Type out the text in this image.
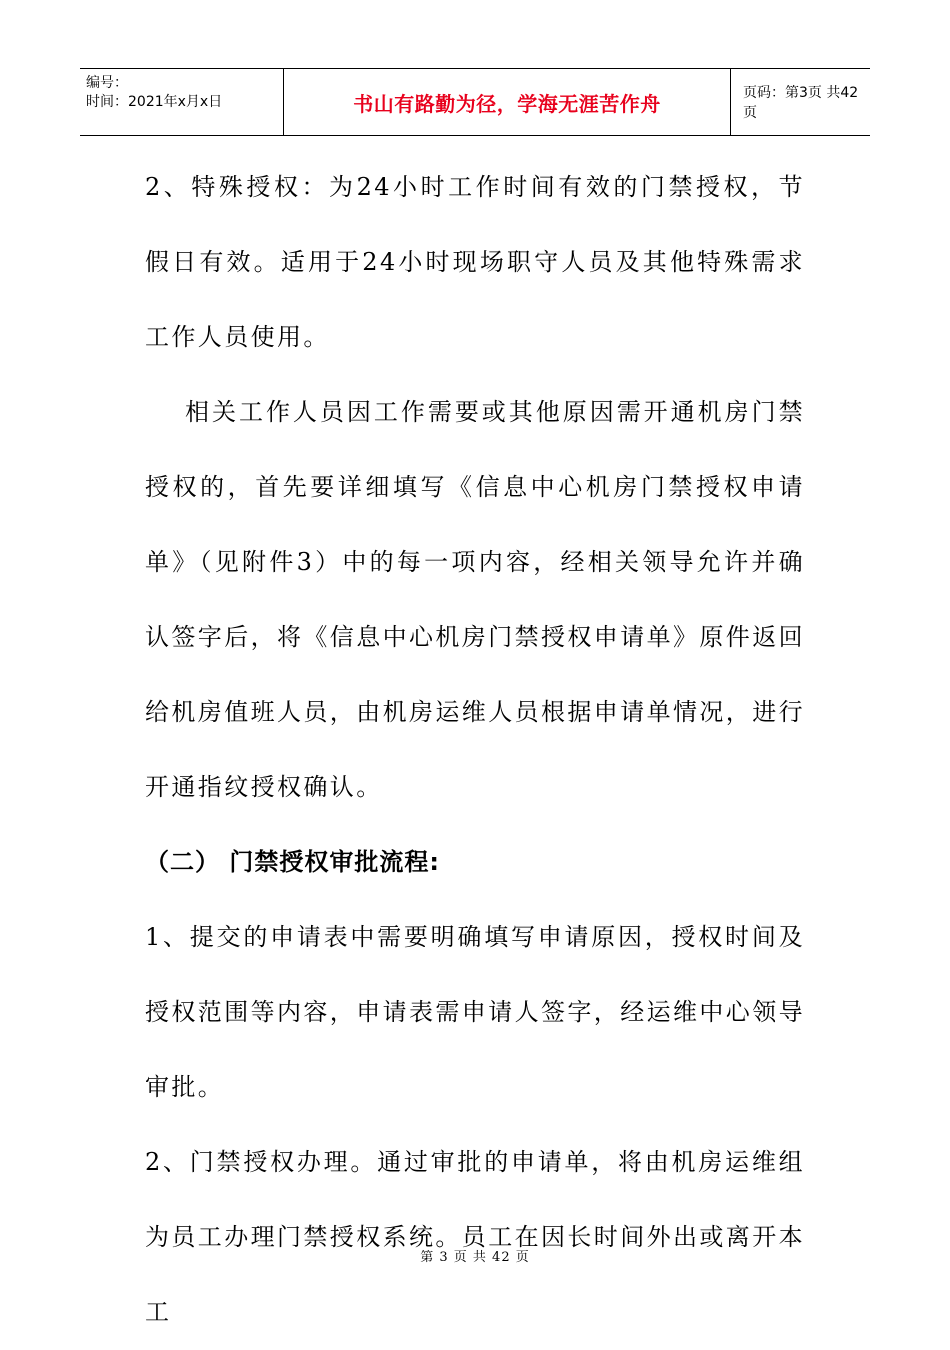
编号：
时间：2021年x月x日	书山有路勤为径，学海无涯苦作舟	页码：第3页 共42页

2、特殊授权：为24小时工作时间有效的门禁授权，节假日有效。适用于24小时现场职守人员及其他特殊需求工作人员使用。

相关工作人员因工作需要或其他原因需开通机房门禁授权的，首先要详细填写《信息中心机房门禁授权申请单》（见附件3）中的每一项内容，经相关领导允许并确认签字后，将《信息中心机房门禁授权申请单》原件返回给机房值班人员，由机房运维人员根据申请单情况，进行开通指纹授权确认。

（二） 门禁授权审批流程:

1、提交的申请表中需要明确填写申请原因，授权时间及授权范围等内容，申请表需申请人签字，经运维中心领导审批。

2、门禁授权办理。通过审批的申请单，将由机房运维组为员工办理门禁授权系统。员工在因长时间外出或离开本工

第 3 页 共 42 页
